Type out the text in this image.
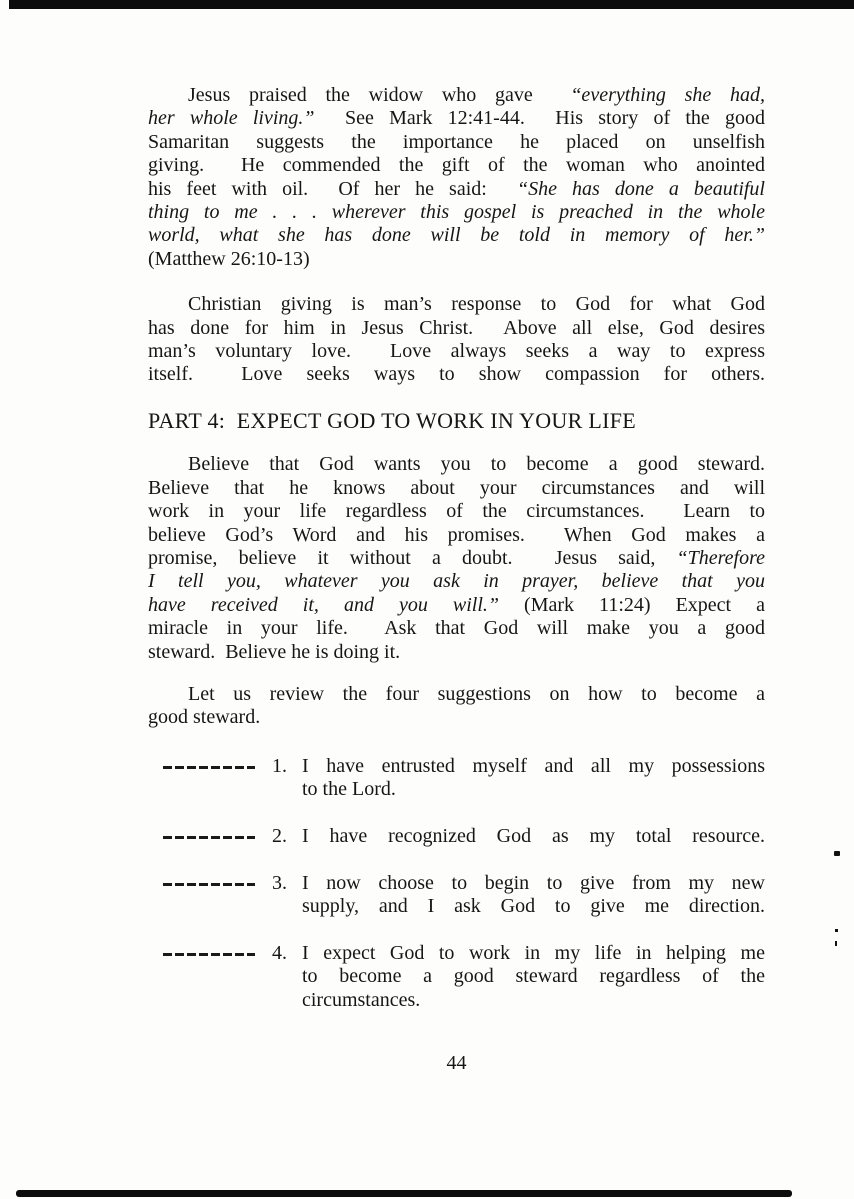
Jesus praised the widow who gave  “everything she had,
her whole living.”  See Mark 12:41-44.  His story of the good
Samaritan suggests the importance he placed on unselfish
giving.  He commended the gift of the woman who anointed
his feet with oil.  Of her he said:  “She has done a beautiful
thing to me . . . wherever this gospel is preached in the whole
world, what she has done will be told in memory of her.”
(Matthew 26:10-13)
Christian giving is man’s response to God for what God
has done for him in Jesus Christ.  Above all else, God desires
man’s voluntary love.  Love always seeks a way to express
itself.  Love seeks ways to show compassion for others.
PART 4:  EXPECT GOD TO WORK IN YOUR LIFE
Believe that God wants you to become a good steward.
Believe that he knows about your circumstances and will
work in your life regardless of the circumstances.  Learn to
believe God’s Word and his promises.  When God makes a
promise, believe it without a doubt.  Jesus said, “Therefore
I tell you, whatever you ask in prayer, believe that you
have received it, and you will.” (Mark 11:24) Expect a
miracle in your life.  Ask that God will make you a good
steward.  Believe he is doing it.
Let us review the four suggestions on how to become a
good steward.
1. I have entrusted myself and all my possessions
to the Lord.
2. I have recognized God as my total resource.
3. I now choose to begin to give from my new
supply, and I ask God to give me direction.
4. I expect God to work in my life in helping me
to become a good steward regardless of the
circumstances.
44
